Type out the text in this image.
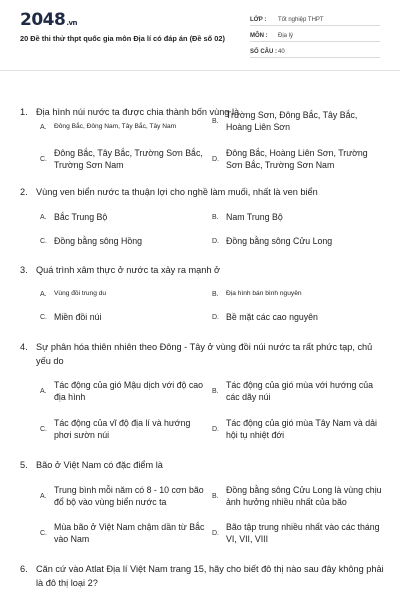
2048.vn
20 Đề thi thử thpt quốc gia môn Địa lí có đáp án (Đề số 02)
LỚP :	Tốt nghiệp THPT
MÔN :	Địa lý
SỐ CÂU : 40
1. Địa hình núi nước ta được chia thành bốn vùng là
A.	Đông Bắc, Đông Nam, Tây Bắc, Tây Nam
B.
Trường Sơn, Đông Bắc, Tây Bắc, Hoàng Liên Sơn
C.
Đông Bắc, Tây Bắc, Trường Sơn Bắc, Trường Sơn Nam
D.
Đông Bắc, Hoàng Liên Sơn, Trường Sơn Bắc, Trường Sơn Nam
2. Vùng ven biển nước ta thuận lợi cho nghề làm muối, nhất là ven biển
A. Bắc Trung Bộ	B. Nam Trung Bộ
C. Đồng bằng sông Hồng	D. Đồng bằng sông Cửu Long
3. Quá trình xâm thực ở nước ta xảy ra mạnh ở
A.	Vùng đồi trung du	B.	Địa hình bán bình nguyên
C. Miền đồi núi	D. Bề mặt các cao nguyên
4. Sự phân hóa thiên nhiên theo Đông - Tây ở vùng đồi núi nước ta rất phức tạp, chủ yếu do
A.
Tác động của gió Mậu dịch với độ cao địa hình
B.
Tác động của gió mùa với hướng của các dãy núi
C.
Tác động của vĩ độ địa lí và hướng phơi sườn núi
D.
Tác động của gió mùa Tây Nam và dải hội tụ nhiệt đới
5. Bão ở Việt Nam có đặc điểm là
A.
Trung bình mỗi năm có 8 - 10 cơn bão đổ bộ vào vùng biển nước ta
B.
Đồng bằng sông Cửu Long là vùng chịu ảnh hưởng nhiều nhất của bão
C.
Mùa bão ở Việt Nam chậm dần từ Bắc vào Nam
D.
Bão tập trung nhiều nhất vào các tháng VI, VII, VIII
6. Căn cứ vào Atlat Địa lí Việt Nam trang 15, hãy cho biết đô thị nào sau đây không phải là đô thị loại 2?
